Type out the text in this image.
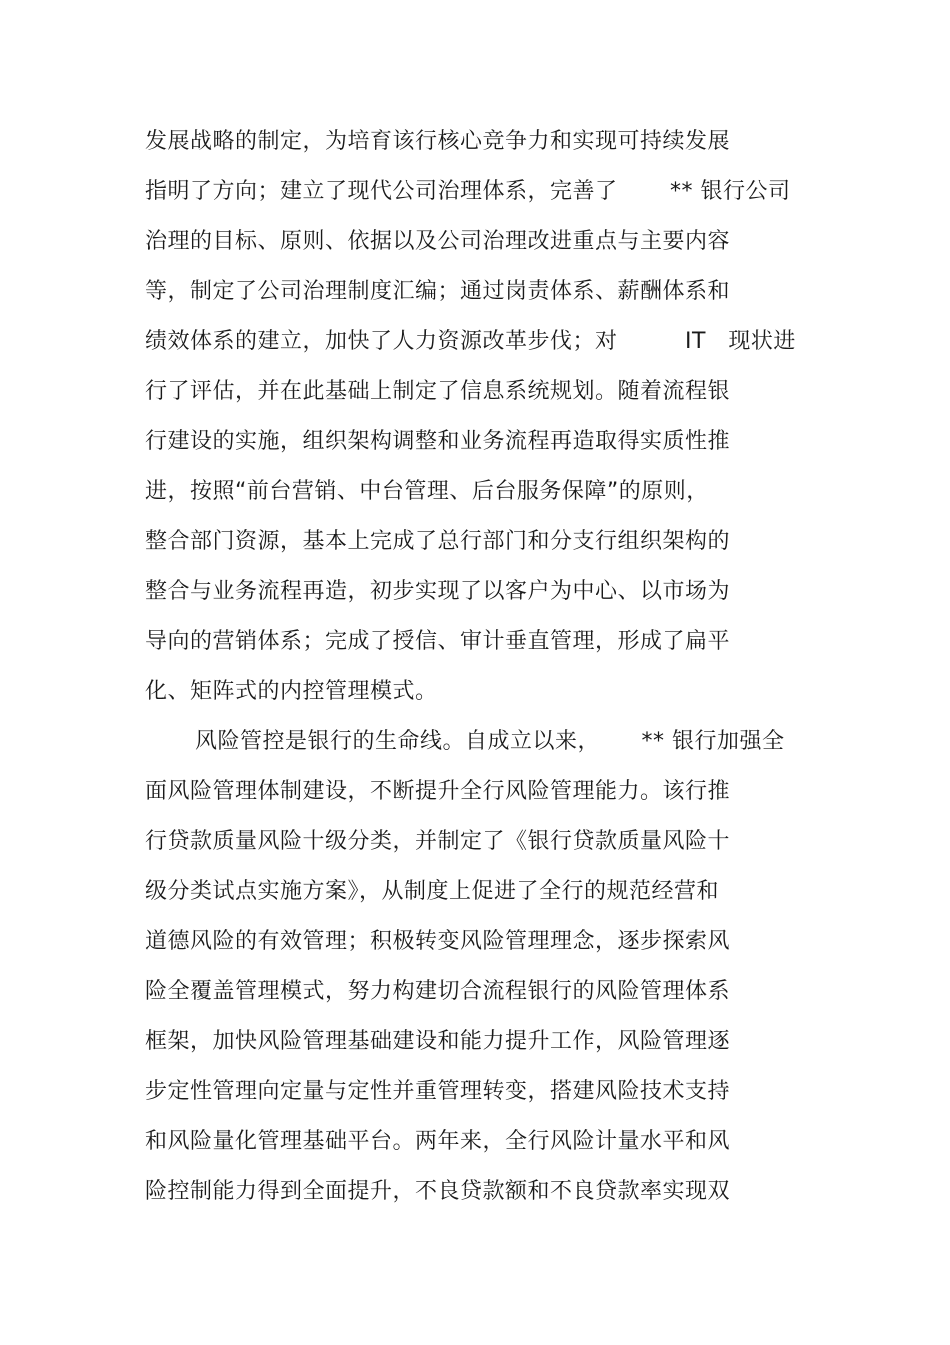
发展战略的制定，为培育该行核心竞争力和实现可持续发展
指明了方向；建立了现代公司治理体系，完善了　　 ** 银行公司
治理的目标、原则、依据以及公司治理改进重点与主要内容
等，制定了公司治理制度汇编；通过岗责体系、薪酬体系和
绩效体系的建立，加快了人力资源改革步伐；对　　　IT　现状进
行了评估，并在此基础上制定了信息系统规划。随着流程银
行建设的实施，组织架构调整和业务流程再造取得实质性推
进，按照“前台营销、中台管理、后台服务保障”的原则，
整合部门资源，基本上完成了总行部门和分支行组织架构的
整合与业务流程再造，初步实现了以客户为中心、以市场为
导向的营销体系；完成了授信、审计垂直管理，形成了扁平
化、矩阵式的内控管理模式。
风险管控是银行的生命线。自成立以来，　　 ** 银行加强全
面风险管理体制建设，不断提升全行风险管理能力。该行推
行贷款质量风险十级分类，并制定了《银行贷款质量风险十
级分类试点实施方案》，从制度上促进了全行的规范经营和
道德风险的有效管理；积极转变风险管理理念，逐步探索风
险全覆盖管理模式，努力构建切合流程银行的风险管理体系
框架，加快风险管理基础建设和能力提升工作，风险管理逐
步定性管理向定量与定性并重管理转变，搭建风险技术支持
和风险量化管理基础平台。两年来，全行风险计量水平和风
险控制能力得到全面提升，不良贷款额和不良贷款率实现双
